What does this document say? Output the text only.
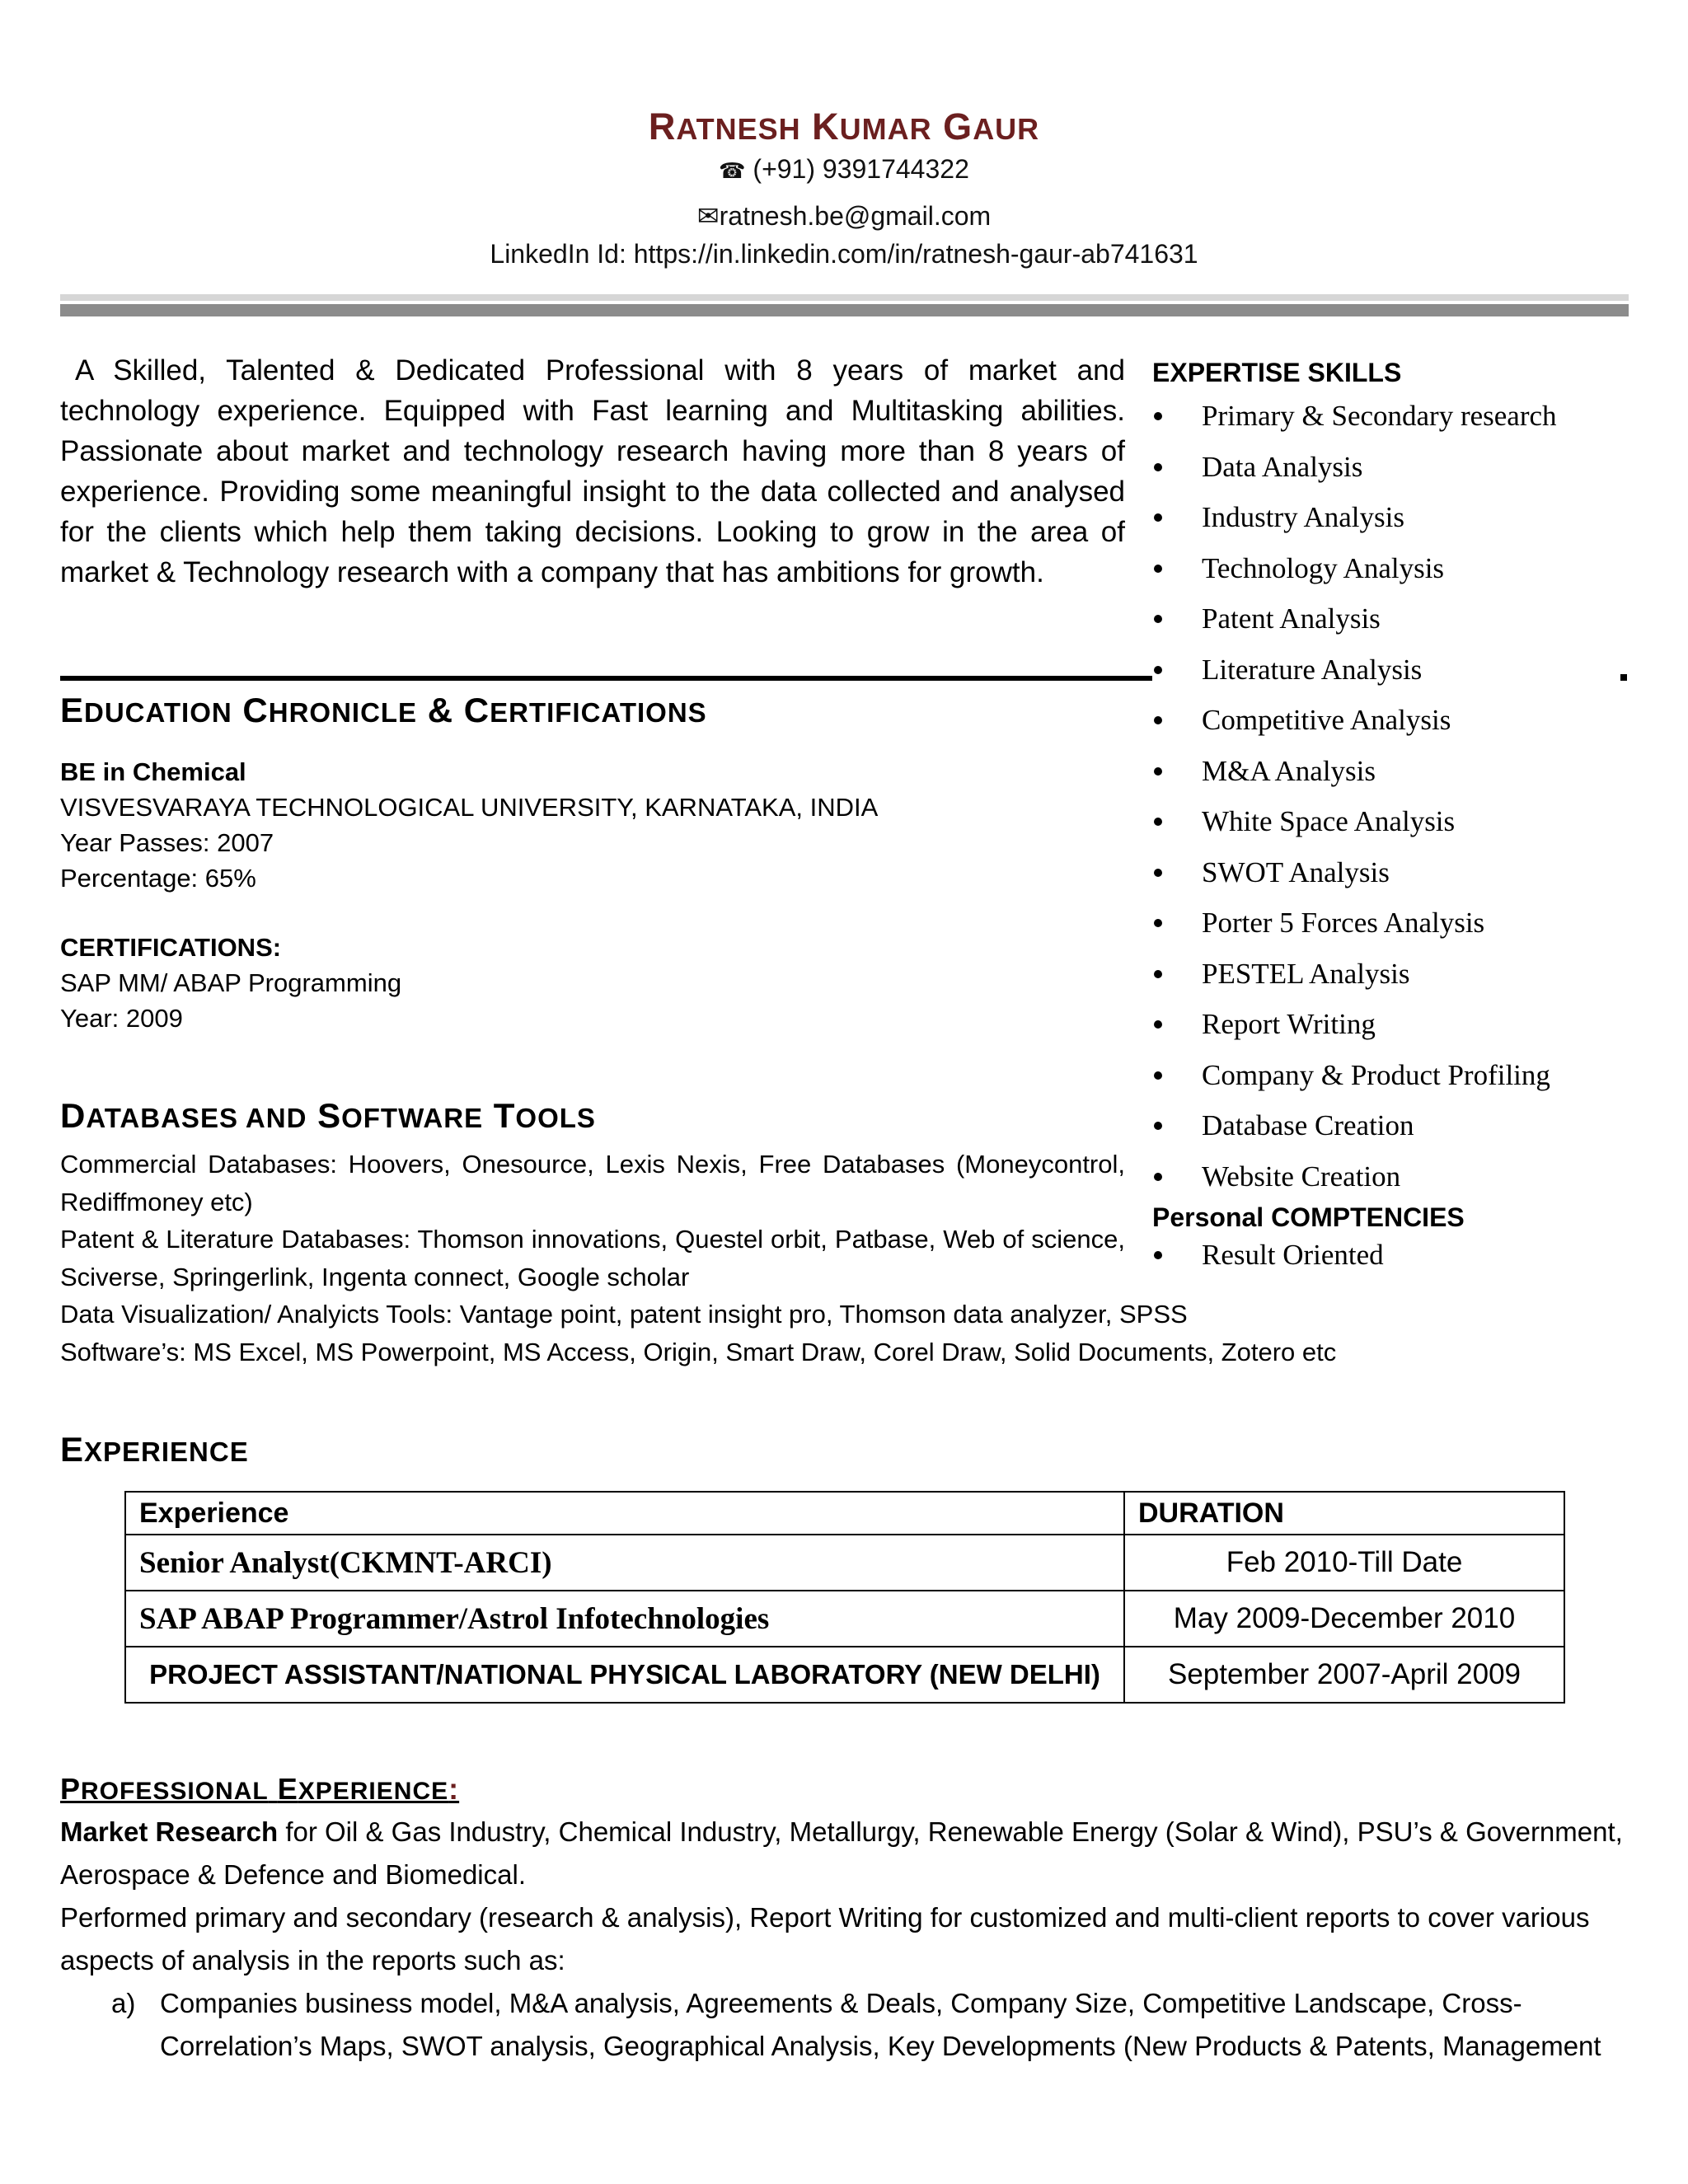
RATNESH KUMAR GAUR
☎ (+91) 9391744322
✉ratnesh.be@gmail.com
LinkedIn Id: https://in.linkedin.com/in/ratnesh-gaur-ab741631

A Skilled, Talented & Dedicated Professional with 8 years of market and technology experience. Equipped with Fast learning and Multitasking abilities. Passionate about market and technology research having more than 8 years of experience. Providing some meaningful insight to the data collected and analysed for the clients which help them taking decisions. Looking to grow in the area of market & Technology research with a company that has ambitions for growth.

EXPERTISE SKILLS
Primary & Secondary research
Data Analysis
Industry Analysis
Technology Analysis
Patent Analysis
Literature Analysis
Competitive Analysis
M&A Analysis
White Space Analysis
SWOT Analysis
Porter 5 Forces Analysis
PESTEL Analysis
Report Writing
Company & Product Profiling
Database Creation
Website Creation
Personal COMPTENCIES
Result Oriented
EDUCATION CHRONICLE & CERTIFICATIONS
BE in Chemical
VISVESVARAYA TECHNOLOGICAL UNIVERSITY, KARNATAKA, INDIA
Year Passes: 2007
Percentage: 65%
CERTIFICATIONS:
SAP MM/ ABAP Programming
Year: 2009
DATABASES AND SOFTWARE TOOLS
Commercial Databases: Hoovers, Onesource, Lexis Nexis, Free Databases (Moneycontrol, Rediffmoney etc)
Patent & Literature Databases: Thomson innovations, Questel orbit, Patbase, Web of science, Sciverse, Springerlink, Ingenta connect, Google scholar
Data Visualization/ Analyicts Tools: Vantage point, patent insight pro, Thomson data analyzer, SPSS
Software’s: MS Excel, MS Powerpoint, MS Access, Origin, Smart Draw, Corel Draw, Solid Documents, Zotero etc
EXPERIENCE
Experience	DURATION
Senior Analyst(CKMNT-ARCI)	Feb 2010-Till Date
SAP ABAP Programmer/Astrol Infotechnologies	May 2009-December 2010
PROJECT ASSISTANT/NATIONAL PHYSICAL LABORATORY (NEW DELHI)	September 2007-April 2009
PROFESSIONAL EXPERIENCE:

Market Research for Oil & Gas Industry, Chemical Industry, Metallurgy, Renewable Energy (Solar & Wind), PSU’s & Government, Aerospace & Defence and Biomedical.

Performed primary and secondary (research & analysis), Report Writing for customized and multi-client reports to cover various aspects of analysis in the reports such as:

a) Companies business model, M&A analysis, Agreements & Deals, Company Size, Competitive Landscape, Cross-Correlation’s Maps, SWOT analysis, Geographical Analysis, Key Developments (New Products & Patents, Management
